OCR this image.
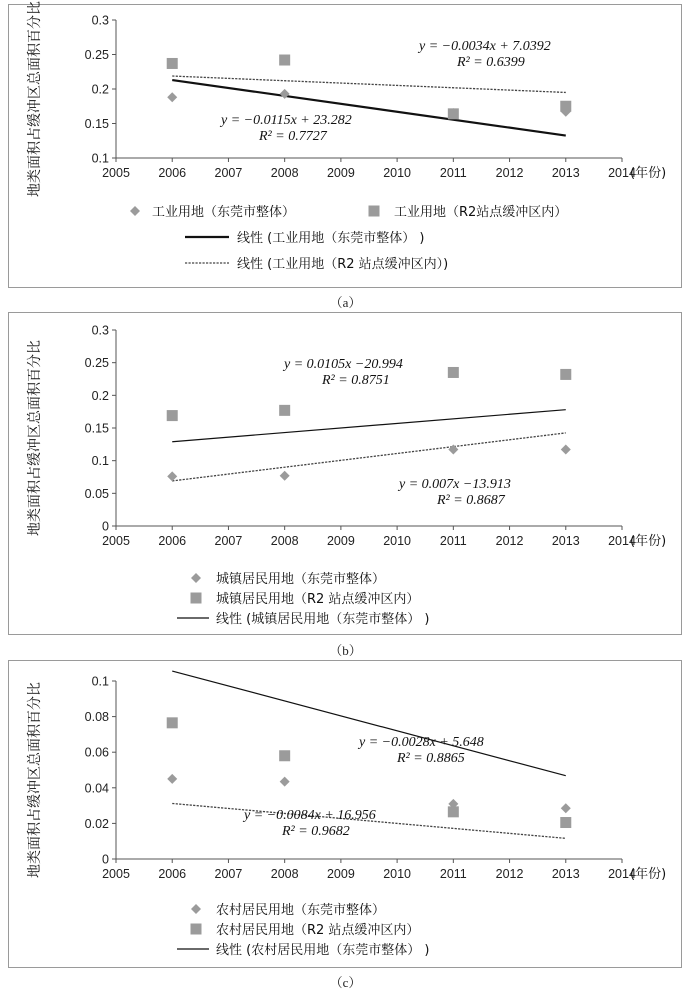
0.1
0.15
0.2
0.25
0.3
2005 2006 2007 2008 2009 2010 2011 2012 2013 2014
(年份)
地类面积占缓冲区总面积百分比	y = −0.0115x + 23.282
R² = 0.7727
y = −0.0034x + 7.0392
R² = 0.6399
工业用地（东莞市整体）	工业用地（R2站点缓冲区内）
线性 (工业用地（东莞市整体） )
线性 (工业用地（R2 站点缓冲区内）)
（a）
0
0.05
0.1
0.15
0.2
0.25
0.3
2005 2006 2007 2008 2009 2010 2011 2012 2013 2014
(年份)
地类面积占缓冲区总面积百分比	y = 0.0105x −20.994
R² = 0.8751
y = 0.007x −13.913
R² = 0.8687
城镇居民用地（东莞市整体）
城镇居民用地（R2 站点缓冲区内）
线性 (城镇居民用地（东莞市整体） )
（b）
0
0.02
0.04
0.06
0.08
0.1
2005 2006 2007 2008 2009 2010 2011 2012 2013 2014
(年份)
地类面积占缓冲区总面积百分比	y = −0.0028x + 5.648
R² = 0.8865
y = −0.0084x + 16.956
R² = 0.9682
农村居民用地（东莞市整体）
农村居民用地（R2 站点缓冲区内）
线性 (农村居民用地（东莞市整体） )
（c）
